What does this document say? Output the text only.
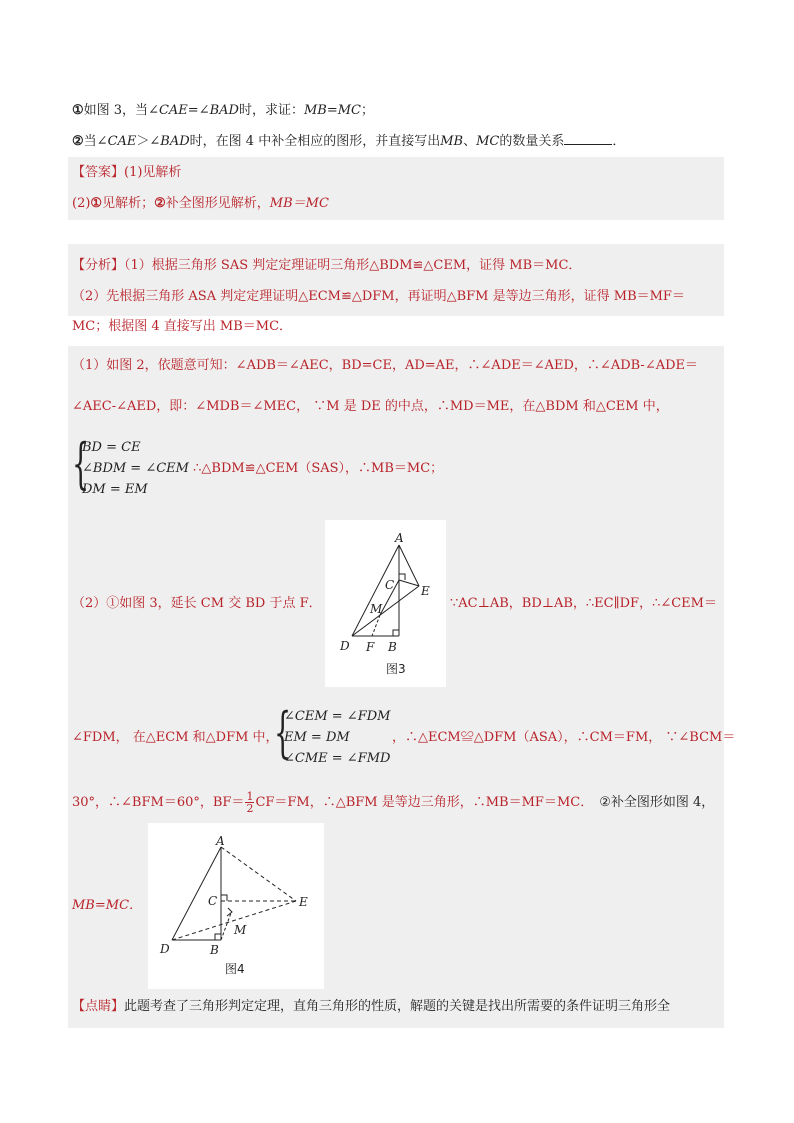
①如图 3，当∠CAE=∠BAD时，求证：MB=MC；
②当∠CAE＞∠BAD时，在图 4 中补全相应的图形，并直接写出MB、MC的数量关系	．
【答案】(1)见解析
(2)①见解析；②补全图形见解析，MB＝MC
【分析】（1）根据三角形 SAS 判定定理证明三角形△BDM≌△CEM，证得 MB＝MC．
（2）先根据三角形 ASA 判定定理证明△ECM≌△DFM，再证明△BFM 是等边三角形，证得 MB＝MF＝
MC；根据图 4 直接写出 MB＝MC．
（1）如图 2，依题意可知：∠ADB＝∠AEC，BD=CE，AD=AE，∴∠ADE＝∠AED，∴∠ADB-∠ADE＝
∠AEC-∠AED，即：∠MDB＝∠MEC， ∵M 是 DE 的中点，∴MD＝ME，在△BDM 和△CEM 中，
{
BD = CE
∠BDM = ∠CEM ∴△BDM≌△CEM（SAS），∴MB＝MC；
DM = EM
A
C E
M
D F B
图3
（2）①如图 3，延长 CM 交 BD 于点 F．	∵AC⊥AB，BD⊥AB，∴EC∥DF，∴∠CEM＝
∠FDM， 在△ECM 和△DFM 中，
{
∠CEM = ∠FDM
EM = DM
∠CME = ∠FMD
，∴△ECM≌△DFM（ASA），∴CM＝FM， ∵∠BCM＝
30°，∴∠BFM＝60°，$BF= \frac{1}{2} CF=FM$，∴△BFM 是等边三角形，∴MB＝MF＝MC． ②补全图形如图 4，
A
C	E
M
D	B
图4
MB=MC．
【点睛】此题考查了三角形判定定理，直角三角形的性质，解题的关键是找出所需要的条件证明三角形全
